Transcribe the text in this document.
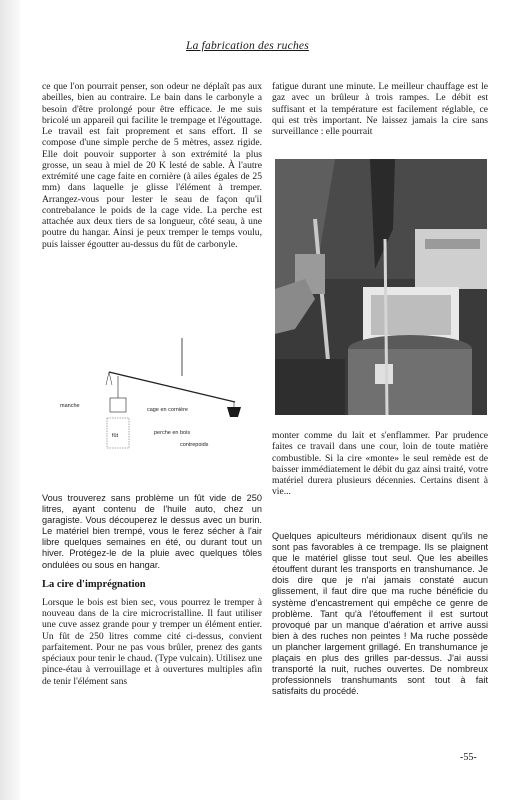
La fabrication des ruches

ce que l'on pourrait penser, son odeur ne déplaît pas aux abeilles, bien au contraire. Le bain dans le carbonyle a besoin d'être prolongé pour être efficace. Je me suis bricolé un appareil qui facilite le trempage et l'égouttage. Le travail est fait proprement et sans effort. Il se compose d'une simple perche de 5 mètres, assez rigide. Elle doit pouvoir supporter à son extrémité la plus grosse, un seau à miel de 20 K lesté de sable. À l'autre extrémité une cage faite en cornière (à ailes égales de 25 mm) dans laquelle je glisse l'élément à tremper. Arrangez-vous pour lester le seau de façon qu'il contrebalance le poids de la cage vide. La perche est attachée aux deux tiers de sa longueur, côté seau, à une poutre du hangar. Ainsi je peux tremper le temps voulu, puis laisser égoutter au-dessus du fût de carbonyle.

manche
cage en cornière
fût	perche en bois
contrepoids

fatigue durant une minute. Le meilleur chauffage est le gaz avec un brûleur à trois rampes. Le débit est suffisant et la température est facilement réglable, ce qui est très important. Ne laissez jamais la cire sans surveillance : elle pourrait

monter comme du lait et s'enflammer. Par prudence faites ce travail dans une cour, loin de toute matière combustible. Si la cire «monte» le seul remède est de baisser immédiatement le débit du gaz ainsi traité, votre matériel durera plusieurs décennies. Certains disent à vie...

Vous trouverez sans problème un fût vide de 250 litres, ayant contenu de l'huile auto, chez un garagiste. Vous découperez le dessus avec un burin. Le matériel bien trempé, vous le ferez sécher à l'air libre quelques semaines en été, ou durant tout un hiver. Protégez-le de la pluie avec quelques tôles ondulées ou sous en hangar.

La cire d'imprégnation

Lorsque le bois est bien sec, vous pourrez le tremper à nouveau dans de la cire microcristalline. Il faut utiliser une cuve assez grande pour y tremper un élément entier. Un fût de 250 litres comme cité ci-dessus, convient parfaitement. Pour ne pas vous brûler, prenez des gants spéciaux pour tenir le chaud. (Type vulcain). Utilisez une pince-étau à verrouillage et à ouvertures multiples afin de tenir l'élément sans

Quelques apiculteurs méridionaux disent qu'ils ne sont pas favorables à ce trempage. Ils se plaignent que le matériel glisse tout seul. Que les abeilles étouffent durant les transports en transhumance. Je dois dire que je n'ai jamais constaté aucun glissement, il faut dire que ma ruche bénéficie du système d'encastrement qui empêche ce genre de problème. Tant qu'à l'étouffement il est surtout provoqué par un manque d'aération et arrive aussi bien à des ruches non peintes ! Ma ruche possède un plancher largement grillagé. En transhumance je plaçais en plus des grilles par-dessus. J'ai aussi transporté la nuit, ruches ouvertes. De nombreux professionnels transhumants sont tout à fait satisfaits du procédé.

-55-
